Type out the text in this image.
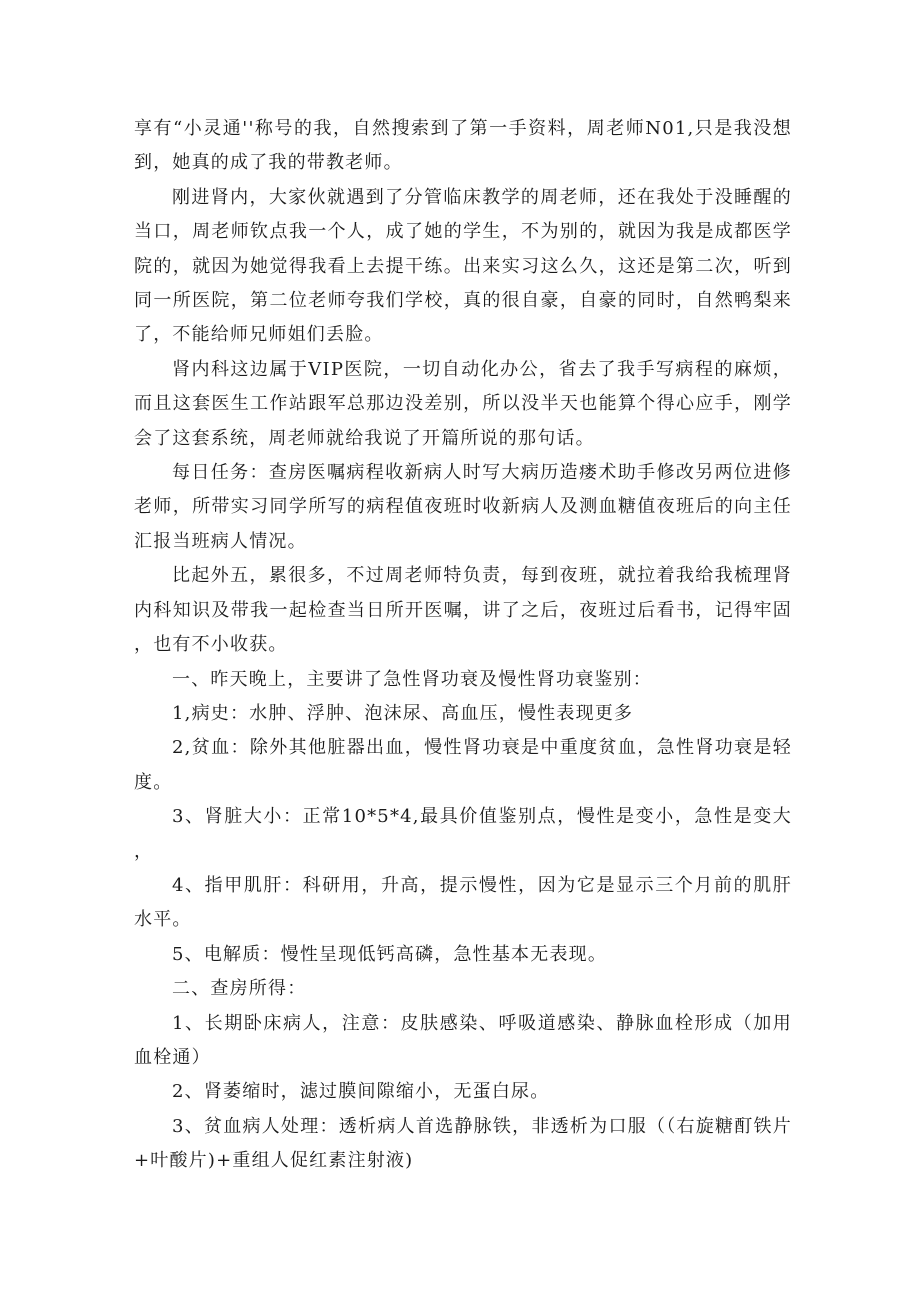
享有“小灵通''称号的我，自然搜索到了第一手资料，周老师N01,只是我没想到，她真的成了我的带教老师。

刚进肾内，大家伙就遇到了分管临床教学的周老师，还在我处于没睡醒的当口，周老师钦点我一个人，成了她的学生，不为别的，就因为我是成都医学院的，就因为她觉得我看上去提干练。出来实习这么久，这还是第二次，听到同一所医院，第二位老师夸我们学校，真的很自豪，自豪的同时，自然鸭梨来了，不能给师兄师姐们丢脸。

肾内科这边属于VIP医院，一切自动化办公，省去了我手写病程的麻烦，而且这套医生工作站跟军总那边没差别，所以没半天也能算个得心应手，刚学会了这套系统，周老师就给我说了开篇所说的那句话。

每日任务：查房医嘱病程收新病人时写大病历造瘘术助手修改另两位进修老师，所带实习同学所写的病程值夜班时收新病人及测血糖值夜班后的向主任汇报当班病人情况。

比起外五，累很多，不过周老师特负责，每到夜班，就拉着我给我梳理肾内科知识及带我一起检查当日所开医嘱，讲了之后，夜班过后看书，记得牢固，也有不小收获。

一、昨天晚上，主要讲了急性肾功衰及慢性肾功衰鉴别：

1,病史：水肿、浮肿、泡沫尿、高血压，慢性表现更多

2,贫血：除外其他脏器出血，慢性肾功衰是中重度贫血，急性肾功衰是轻度。

3、肾脏大小：正常10*5*4,最具价值鉴别点，慢性是变小，急性是变大，

4、指甲肌肝：科研用，升高，提示慢性，因为它是显示三个月前的肌肝水平。

5、电解质：慢性呈现低钙高磷，急性基本无表现。

二、查房所得：

1、长期卧床病人，注意：皮肤感染、呼吸道感染、静脉血栓形成（加用血栓通）

2、肾萎缩时，滤过膜间隙缩小，无蛋白尿。

3、贫血病人处理：透析病人首选静脉铁，非透析为口服（（右旋糖酊铁片+叶酸片)+重组人促红素注射液)
